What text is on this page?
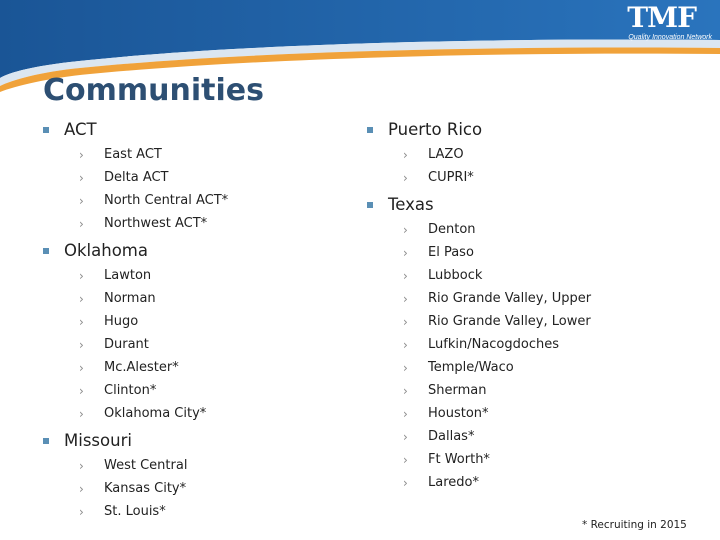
TMF
Quality Innovation Network
Communities
ACT
›	East ACT
›	Delta ACT
›	North Central ACT*
›	Northwest ACT*
Oklahoma
›	Lawton
›	Norman
›	Hugo
›	Durant
›	Mc.Alester*
›	Clinton*
›	Oklahoma City*
Missouri
›	West Central
›	Kansas City*
›	St. Louis*
Puerto Rico
›	LAZO
›	CUPRI*
Texas
›	Denton
›	El Paso
›	Lubbock
›	Rio Grande Valley, Upper
›	Rio Grande Valley, Lower
›	Lufkin/Nacogdoches
›	Temple/Waco
›	Sherman
›	Houston*
›	Dallas*
›	Ft Worth*
›	Laredo*
* Recruiting in 2015
